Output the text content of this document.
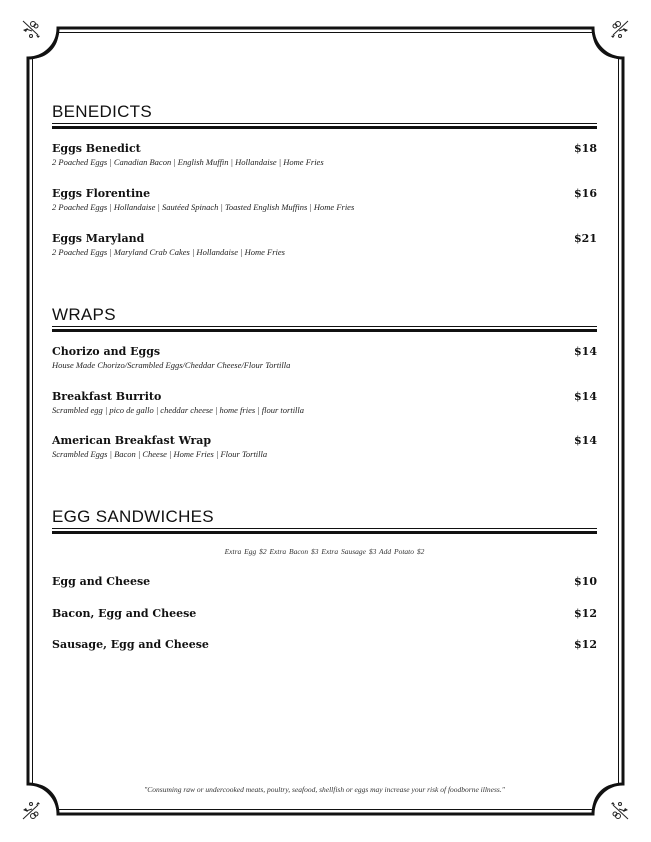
BENEDICTS
Eggs Benedict
2 Poached Eggs | Canadian Bacon | English Muffin | Hollandaise | Home Fries
$18
Eggs Florentine
2 Poached Eggs | Hollandaise | Sautéed Spinach | Toasted English Muffins | Home Fries
$16
Eggs Maryland
2 Poached Eggs | Maryland Crab Cakes | Hollandaise | Home Fries
$21
WRAPS
Chorizo and Eggs
House Made Chorizo/Scrambled Eggs/Cheddar Cheese/Flour Tortilla
$14
Breakfast Burrito
Scrambled egg | pico de gallo | cheddar cheese | home fries | flour tortilla
$14
American Breakfast Wrap
Scrambled Eggs | Bacon | Cheese | Home Fries | Flour Tortilla
$14
EGG SANDWICHES
Extra Egg $2 Extra Bacon $3 Extra Sausage $3 Add Potato $2
Egg and Cheese	$10
Bacon, Egg and Cheese	$12
Sausage, Egg and Cheese	$12
"Consuming raw or undercooked meats, poultry, seafood, shellfish or eggs may increase your risk of foodborne illness."
